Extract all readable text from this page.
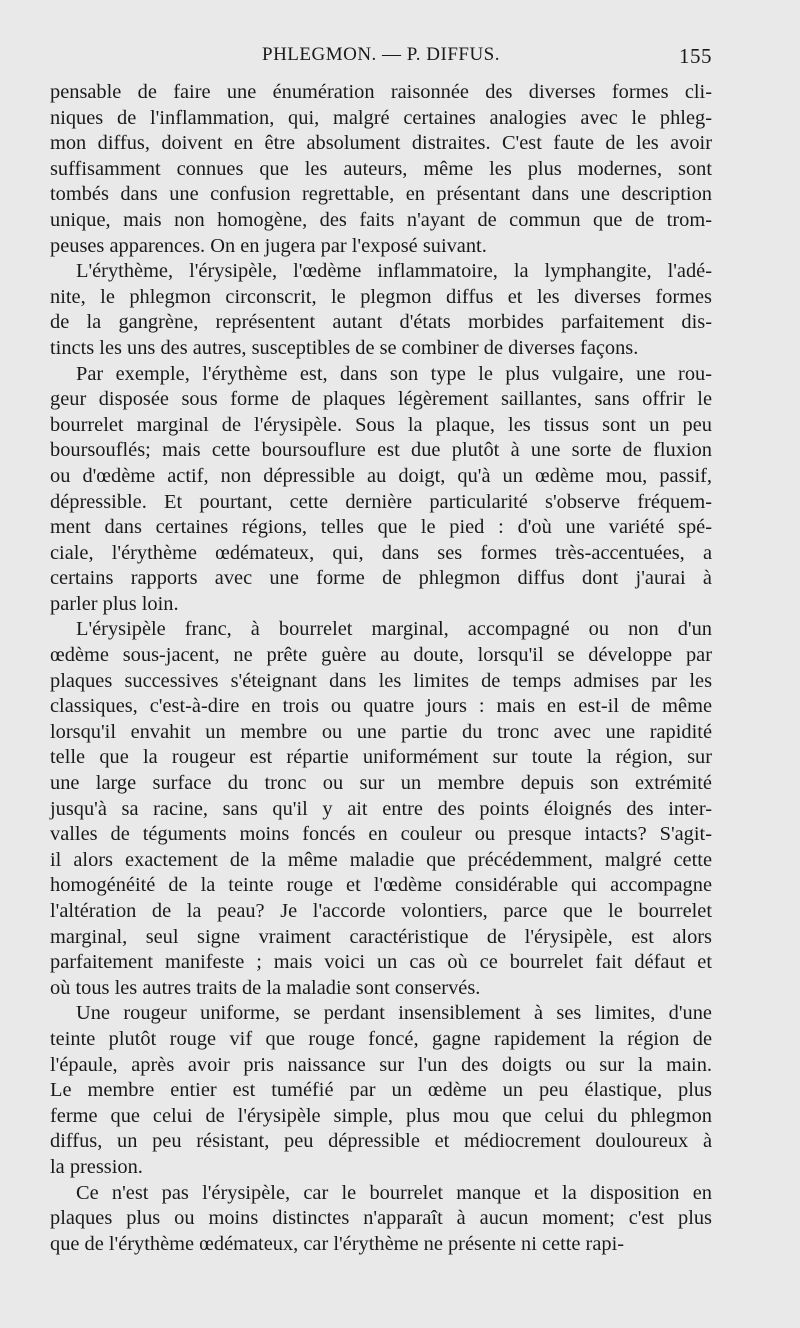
PHLEGMON. — P. DIFFUS.	155

pensable de faire une énumération raisonnée des diverses formes cli-
niques de l'inflammation, qui, malgré certaines analogies avec le phleg-
mon diffus, doivent en être absolument distraites. C'est faute de les avoir
suffisamment connues que les auteurs, même les plus modernes, sont
tombés dans une confusion regrettable, en présentant dans une description
unique, mais non homogène, des faits n'ayant de commun que de trom-
peuses apparences. On en jugera par l'exposé suivant.

L'érythème, l'érysipèle, l'œdème inflammatoire, la lymphangite, l'adé-
nite, le phlegmon circonscrit, le plegmon diffus et les diverses formes
de la gangrène, représentent autant d'états morbides parfaitement dis-
tincts les uns des autres, susceptibles de se combiner de diverses façons.

Par exemple, l'érythème est, dans son type le plus vulgaire, une rou-
geur disposée sous forme de plaques légèrement saillantes, sans offrir le
bourrelet marginal de l'érysipèle. Sous la plaque, les tissus sont un peu
boursouflés; mais cette boursouflure est due plutôt à une sorte de fluxion
ou d'œdème actif, non dépressible au doigt, qu'à un œdème mou, passif,
dépressible. Et pourtant, cette dernière particularité s'observe fréquem-
ment dans certaines régions, telles que le pied : d'où une variété spé-
ciale, l'érythème œdémateux, qui, dans ses formes très-accentuées, a
certains rapports avec une forme de phlegmon diffus dont j'aurai à
parler plus loin.

L'érysipèle franc, à bourrelet marginal, accompagné ou non d'un
œdème sous-jacent, ne prête guère au doute, lorsqu'il se développe par
plaques successives s'éteignant dans les limites de temps admises par les
classiques, c'est-à-dire en trois ou quatre jours : mais en est-il de même
lorsqu'il envahit un membre ou une partie du tronc avec une rapidité
telle que la rougeur est répartie uniformément sur toute la région, sur
une large surface du tronc ou sur un membre depuis son extrémité
jusqu'à sa racine, sans qu'il y ait entre des points éloignés des inter-
valles de téguments moins foncés en couleur ou presque intacts? S'agit-
il alors exactement de la même maladie que précédemment, malgré cette
homogénéité de la teinte rouge et l'œdème considérable qui accompagne
l'altération de la peau? Je l'accorde volontiers, parce que le bourrelet
marginal, seul signe vraiment caractéristique de l'érysipèle, est alors
parfaitement manifeste ; mais voici un cas où ce bourrelet fait défaut et
où tous les autres traits de la maladie sont conservés.

Une rougeur uniforme, se perdant insensiblement à ses limites, d'une
teinte plutôt rouge vif que rouge foncé, gagne rapidement la région de
l'épaule, après avoir pris naissance sur l'un des doigts ou sur la main.
Le membre entier est tuméfié par un œdème un peu élastique, plus
ferme que celui de l'érysipèle simple, plus mou que celui du phlegmon
diffus, un peu résistant, peu dépressible et médiocrement douloureux à
la pression.

Ce n'est pas l'érysipèle, car le bourrelet manque et la disposition en
plaques plus ou moins distinctes n'apparaît à aucun moment; c'est plus
que de l'érythème œdémateux, car l'érythème ne présente ni cette rapi-
